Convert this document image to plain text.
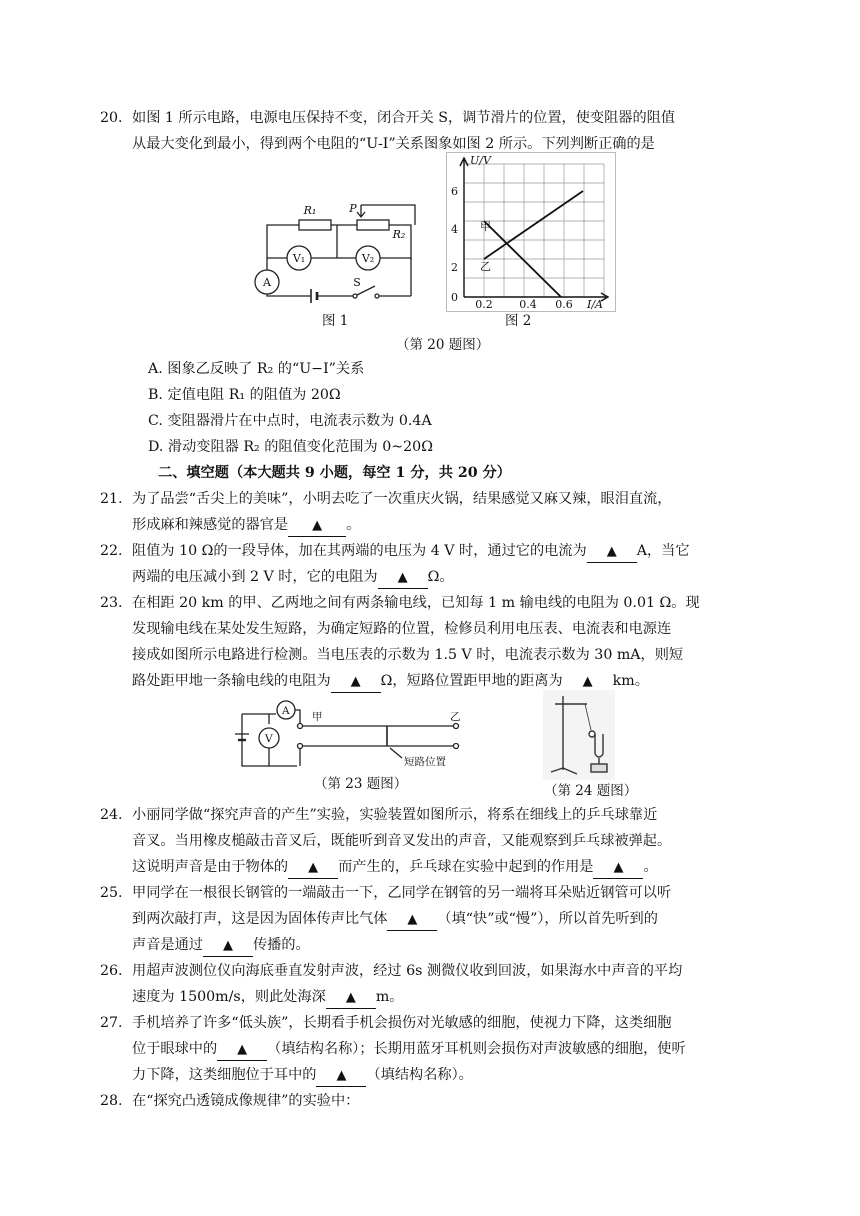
20. 如图 1 所示电路，电源电压保持不变，闭合开关 S，调节滑片的位置，使变阻器的阻值
从最大变化到最小，得到两个电阻的“U-I”关系图象如图 2 所示。下列判断正确的是
R₁	P
R₂
V₁	V₂
A	S
图 1
U/V
I/A
6
4
2
0
0.2 0.4 0.6
甲
乙
图 2
（第 20 题图）
A. 图象乙反映了 R₂ 的“U−I”关系
B. 定值电阻 R₁ 的阻值为 20Ω
C. 变阻器滑片在中点时，电流表示数为 0.4A
D. 滑动变阻器 R₂ 的阻值变化范围为 0~20Ω
二、填空题（本大题共 9 小题，每空 1 分，共 20 分）
21. 为了品尝“舌尖上的美味”，小明去吃了一次重庆火锅，结果感觉又麻又辣，眼泪直流，
形成麻和辣感觉的器官是 ▲ 。
22. 阻值为 10 Ω的一段导体，加在其两端的电压为 4 V 时，通过它的电流为 ▲ A，当它
两端的电压减小到 2 V 时，它的电阻为 ▲ Ω。
23. 在相距 20 km 的甲、乙两地之间有两条输电线，已知每 1 m 输电线的电阻为 0.01 Ω。现
发现输电线在某处发生短路，为确定短路的位置，检修员利用电压表、电流表和电源连
接成如图所示电路进行检测。当电压表的示数为 1.5 V 时，电流表示数为 30 mA，则短
路处距甲地一条输电线的电阻为 ▲ Ω，短路位置距甲地的距离为 ▲ km。
A
V
甲	乙
短路位置
（第 23 题图）	（第 24 题图）
24. 小丽同学做“探究声音的产生”实验，实验装置如图所示，将系在细线上的乒乓球靠近
音叉。当用橡皮槌敲击音叉后，既能听到音叉发出的声音，又能观察到乒乓球被弹起。
这说明声音是由于物体的 ▲ 而产生的，乒乓球在实验中起到的作用是 ▲ 。
25. 甲同学在一根很长钢管的一端敲击一下，乙同学在钢管的另一端将耳朵贴近钢管可以听
到两次敲打声，这是因为固体传声比气体 ▲ （填“快”或“慢”），所以首先听到的
声音是通过 ▲ 传播的。
26. 用超声波测位仪向海底垂直发射声波，经过 6s 测微仪收到回波，如果海水中声音的平均
速度为 1500m/s，则此处海深 ▲ m。
27. 手机培养了许多“低头族”，长期看手机会损伤对光敏感的细胞，使视力下降，这类细胞
位于眼球中的 ▲ （填结构名称）；长期用蓝牙耳机则会损伤对声波敏感的细胞，使听
力下降，这类细胞位于耳中的 ▲ （填结构名称）。
28. 在“探究凸透镜成像规律”的实验中：
